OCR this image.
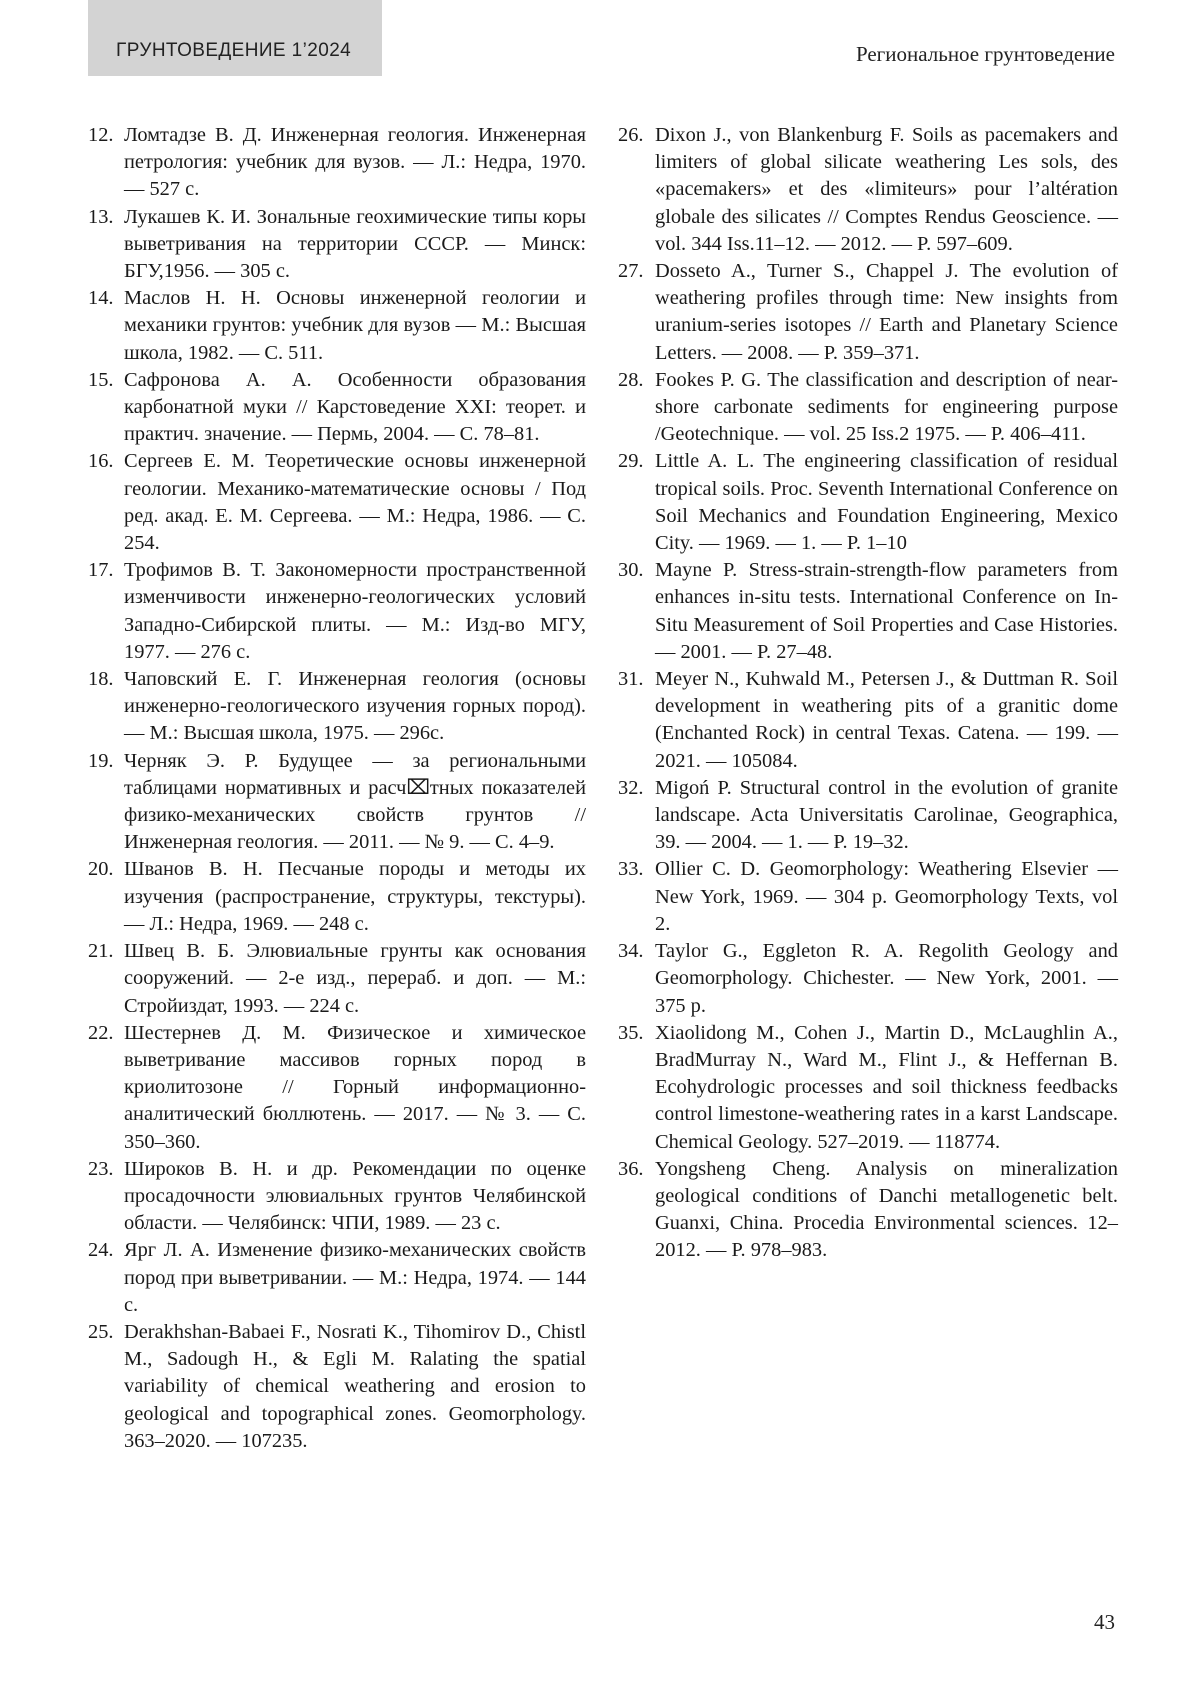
ГРУНТОВЕДЕНИЕ 1’2024	Региональное грунтоведение
12. Ломтадзе В. Д. Инженерная геология. Инженерная петрология: учебник для вузов. — Л.: Недра, 1970. — 527 с.
13. Лукашев К. И. Зональные геохимические типы коры выветривания на территории СССР. — Минск: БГУ,1956. — 305 с.
14. Маслов Н. Н. Основы инженерной геологии и механики грунтов: учебник для вузов — М.: Высшая школа, 1982. — С. 511.
15. Сафронова А. А. Особенности образования карбонатной муки // Карстоведение XXI: теорет. и практич. значение. — Пермь, 2004. — С. 78–81.
16. Сергеев Е. М. Теоретические основы инженерной геологии. Механико-математические основы / Под ред. акад. Е. М. Сергеева. — М.: Недра, 1986. — С. 254.
17. Трофимов В. Т. Закономерности пространственной изменчивости инженерно-геологических условий Западно-Сибирской плиты. — М.: Изд-во МГУ, 1977. — 276 с.
18. Чаповский Е. Г. Инженерная геология (основы инженерно-геологического изучения горных пород). — М.: Высшая школа, 1975. — 296с.
19. Черняк Э. Р. Будущее — за региональными таблицами нормативных и расч⌧тных показателей физико-механических свойств грунтов // Инженерная геология. — 2011. — № 9. — С. 4–9.
20. Шванов В. Н. Песчаные породы и методы их изучения (распространение, структуры, текстуры). — Л.: Недра, 1969. — 248 с.
21. Швец В. Б. Элювиальные грунты как основания сооружений. — 2-е изд., перераб. и доп. — М.: Стройиздат, 1993. — 224 с.
22. Шестернев Д. М. Физическое и химическое выветривание массивов горных пород в криолитозоне // Горный информационно-аналитический бюллютень. — 2017. — № 3. — С. 350–360.
23. Широков В. Н. и др. Рекомендации по оценке просадочности элювиальных грунтов Челябинской области. — Челябинск: ЧПИ, 1989. — 23 с.
24. Ярг Л. А. Изменение физико-механических свойств пород при выветривании. — М.: Недра, 1974. — 144 с.
25. Derakhshan-Babaei F., Nosrati K., Tihomirov D., Chistl M., Sadough H., & Egli M. Ralating the spatial variability of chemical weathering and erosion to geological and topographical zones. Geomorphology. 363–2020. — 107235.
26. Dixon J., von Blankenburg F. Soils as pacemakers and limiters of global silicate weathering Les sols, des «pacemakers» et des «limiteurs» pour l’altération globale des silicates // Comptes Rendus Geoscience. — vol. 344 Iss.11–12. — 2012. — P. 597–609.
27. Dosseto A., Turner S., Chappel J. The evolution of weathering profiles through time: New insights from uranium-series isotopes // Earth and Planetary Science Letters. — 2008. — P. 359–371.
28. Fookes P. G. The classification and description of near-shore carbonate sediments for engineering purpose /Geotechnique. — vol. 25 Iss.2 1975. — P. 406–411.
29. Little A. L. The engineering classification of residual tropical soils. Proc. Seventh International Conference on Soil Mechanics and Foundation Engineering, Mexico City. — 1969. — 1. — P. 1–10
30. Mayne P. Stress-strain-strength-flow parameters from enhances in-situ tests. International Conference on In-Situ Measurement of Soil Properties and Case Histories. — 2001. — P. 27–48.
31. Meyer N., Kuhwald M., Petersen J., & Duttman R. Soil development in weathering pits of a granitic dome (Enchanted Rock) in central Texas. Catena. — 199. — 2021. — 105084.
32. Migoń P. Structural control in the evolution of granite landscape. Acta Universitatis Carolinae, Geographica, 39. — 2004. — 1. — P. 19–32.
33. Ollier C. D. Geomorphology: Weathering Elsevier — New York, 1969. — 304 p. Geomorphology Texts, vol 2.
34. Taylor G., Eggleton R. A. Regolith Geology and Geomorphology. Chichester. — New York, 2001. — 375 p.
35. Xiaolidong M., Cohen J., Martin D., McLaughlin A., BradMurray N., Ward M., Flint J., & Heffernan B. Ecohydrologic processes and soil thickness feedbacks control limestone-weathering rates in a karst Landscape. Chemical Geology. 527–2019. — 118774.
36. Yongsheng Cheng. Analysis on mineralization geological conditions of Danchi metallogenetic belt. Guanxi, China. Procedia Environmental sciences. 12–2012. — P. 978–983.
43
